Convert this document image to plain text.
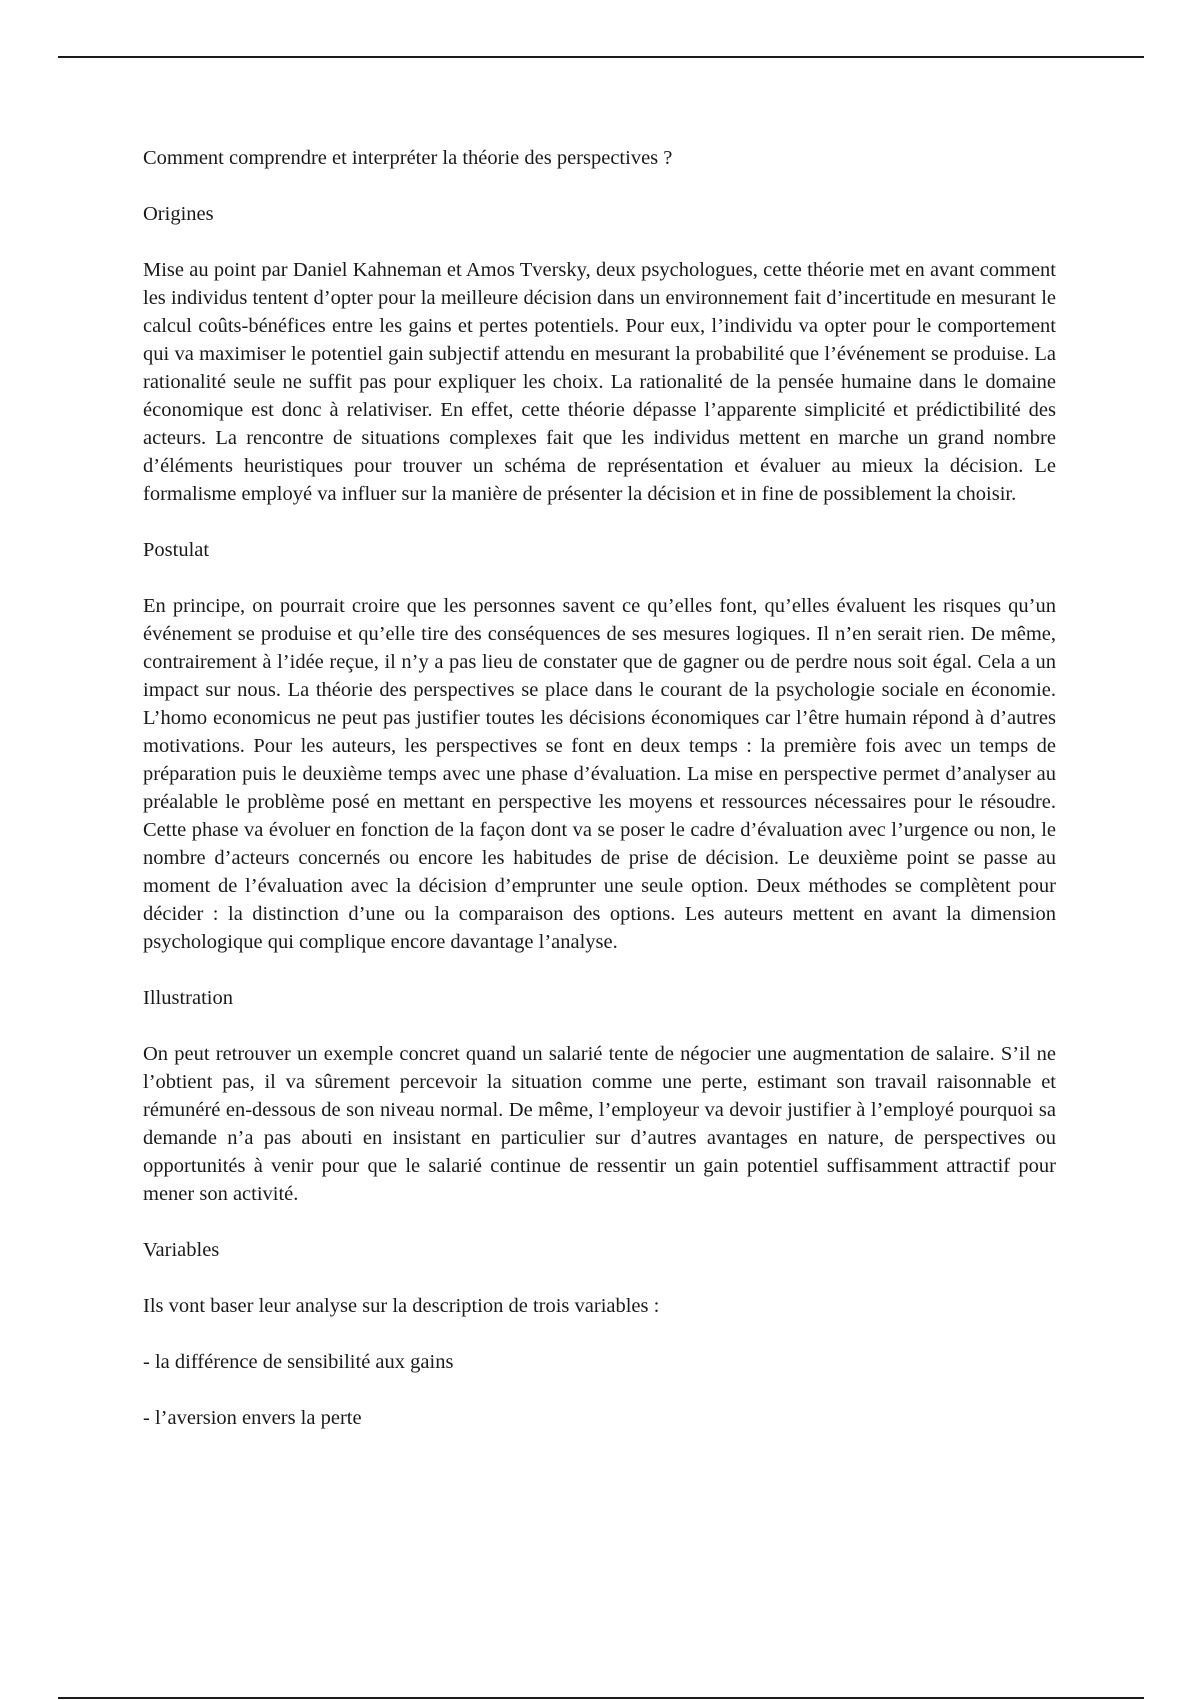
Comment comprendre et interpréter la théorie des perspectives ?

Origines

Mise au point par Daniel Kahneman et Amos Tversky, deux psychologues, cette théorie met en avant comment les individus tentent d’opter pour la meilleure décision dans un environnement fait d’incertitude en mesurant le calcul coûts-bénéfices entre les gains et pertes potentiels. Pour eux, l’individu va opter pour le comportement qui va maximiser le potentiel gain subjectif attendu en mesurant la probabilité que l’événement se produise. La rationalité seule ne suffit pas pour expliquer les choix. La rationalité de la pensée humaine dans le domaine économique est donc à relativiser. En effet, cette théorie dépasse l’apparente simplicité et prédictibilité des acteurs. La rencontre de situations complexes fait que les individus mettent en marche un grand nombre d’éléments heuristiques pour trouver un schéma de représentation et évaluer au mieux la décision. Le formalisme employé va influer sur la manière de présenter la décision et in fine de possiblement la choisir.

Postulat

En principe, on pourrait croire que les personnes savent ce qu’elles font, qu’elles évaluent les risques qu’un événement se produise et qu’elle tire des conséquences de ses mesures logiques. Il n’en serait rien. De même, contrairement à l’idée reçue, il n’y a pas lieu de constater que de gagner ou de perdre nous soit égal. Cela a un impact sur nous. La théorie des perspectives se place dans le courant de la psychologie sociale en économie. L’homo economicus ne peut pas justifier toutes les décisions économiques car l’être humain répond à d’autres motivations. Pour les auteurs, les perspectives se font en deux temps : la première fois avec un temps de préparation puis le deuxième temps avec une phase d’évaluation. La mise en perspective permet d’analyser au préalable le problème posé en mettant en perspective les moyens et ressources nécessaires pour le résoudre. Cette phase va évoluer en fonction de la façon dont va se poser le cadre d’évaluation avec l’urgence ou non, le nombre d’acteurs concernés ou encore les habitudes de prise de décision. Le deuxième point se passe au moment de l’évaluation avec la décision d’emprunter une seule option. Deux méthodes se complètent pour décider : la distinction d’une ou la comparaison des options. Les auteurs mettent en avant la dimension psychologique qui complique encore davantage l’analyse.

Illustration

On peut retrouver un exemple concret quand un salarié tente de négocier une augmentation de salaire. S’il ne l’obtient pas, il va sûrement percevoir la situation comme une perte, estimant son travail raisonnable et rémunéré en-dessous de son niveau normal. De même, l’employeur va devoir justifier à l’employé pourquoi sa demande n’a pas abouti en insistant en particulier sur d’autres avantages en nature, de perspectives ou opportunités à venir pour que le salarié continue de ressentir un gain potentiel suffisamment attractif pour mener son activité.

Variables

Ils vont baser leur analyse sur la description de trois variables :

- la différence de sensibilité aux gains

- l’aversion envers la perte
